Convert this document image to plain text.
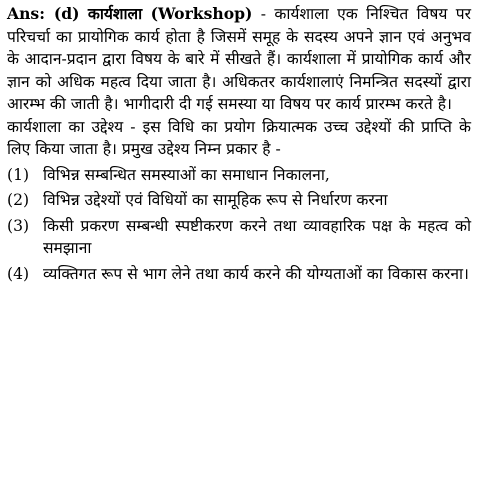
Ans: (d) कार्यशाला (Workshop) - कार्यशाला एक निश्चित विषय पर परिचर्चा का प्रायोगिक कार्य होता है जिसमें समूह के सदस्य अपने ज्ञान एवं अनुभव के आदान-प्रदान द्वारा विषय के बारे में सीखते हैं। कार्यशाला में प्रायोगिक कार्य और ज्ञान को अधिक महत्व दिया जाता है। अधिकतर कार्यशालाएं निमन्त्रित सदस्यों द्वारा आरम्भ की जाती है। भागीदारी दी गई समस्या या विषय पर कार्य प्रारम्भ करते है।

कार्यशाला का उद्देश्य - इस विधि का प्रयोग क्रियात्मक उच्च उद्देश्यों की प्राप्ति के लिए किया जाता है। प्रमुख उद्देश्य निम्न प्रकार है -

(1) विभिन्न सम्बन्धित समस्याओं का समाधान निकालना,
(2) विभिन्न उद्देश्यों एवं विधियों का सामूहिक रूप से निर्धारण करना
(3) किसी प्रकरण सम्बन्धी स्पष्टीकरण करने तथा व्यावहारिक पक्ष के महत्व को समझाना
(4) व्यक्तिगत रूप से भाग लेने तथा कार्य करने की योग्यताओं का विकास करना।
